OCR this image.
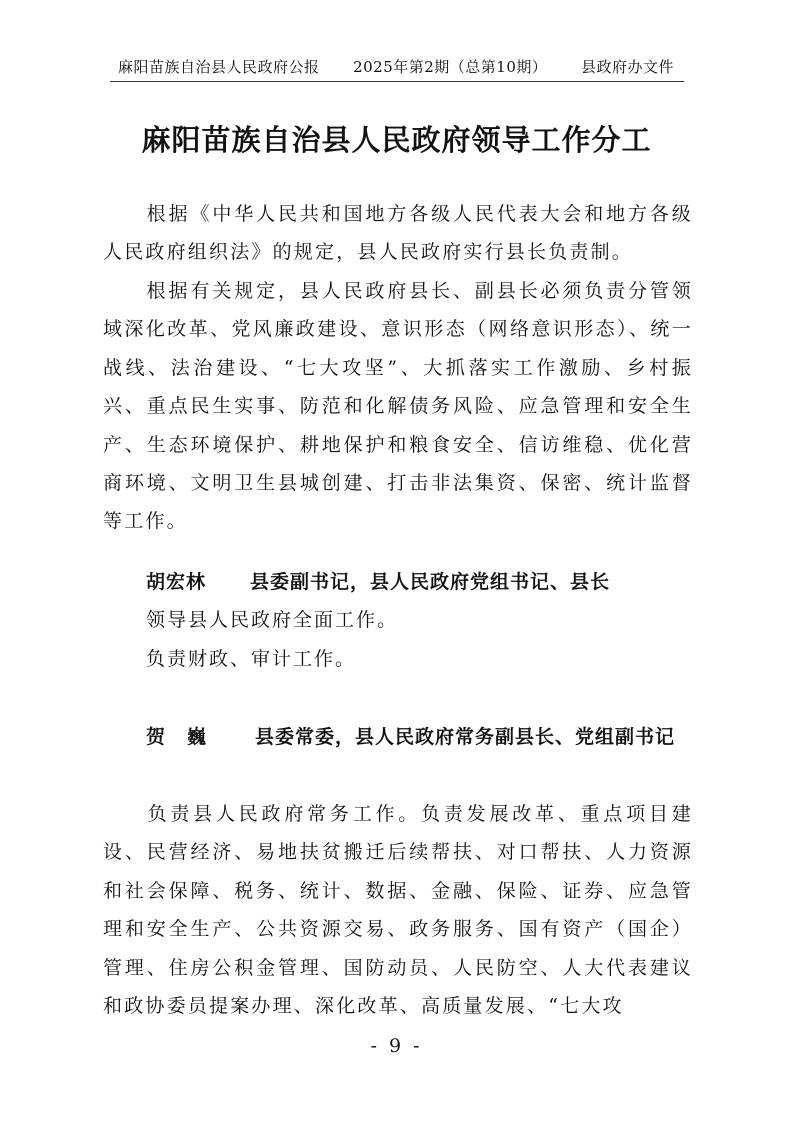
麻阳苗族自治县人民政府公报 2025年第2期（总第10期） 县政府办文件
麻阳苗族自治县人民政府领导工作分工
根据《中华人民共和国地方各级人民代表大会和地方各级人民政府组织法》的规定，县人民政府实行县长负责制。
根据有关规定，县人民政府县长、副县长必须负责分管领域深化改革、党风廉政建设、意识形态（网络意识形态）、统一战线、法治建设、“七大攻坚”、大抓落实工作激励、乡村振兴、重点民生实事、防范和化解债务风险、应急管理和安全生产、生态环境保护、耕地保护和粮食安全、信访维稳、优化营商环境、文明卫生县城创建、打击非法集资、保密、统计监督等工作。
胡宏林 县委副书记，县人民政府党组书记、县长
领导县人民政府全面工作。
负责财政、审计工作。
贺巍 县委常委，县人民政府常务副县长、党组副书记
负责县人民政府常务工作。负责发展改革、重点项目建设、民营经济、易地扶贫搬迁后续帮扶、对口帮扶、人力资源和社会保障、税务、统计、数据、金融、保险、证券、应急管理和安全生产、公共资源交易、政务服务、国有资产（国企）管理、住房公积金管理、国防动员、人民防空、人大代表建议和政协委员提案办理、深化改革、高质量发展、“七大攻
- 9 -
